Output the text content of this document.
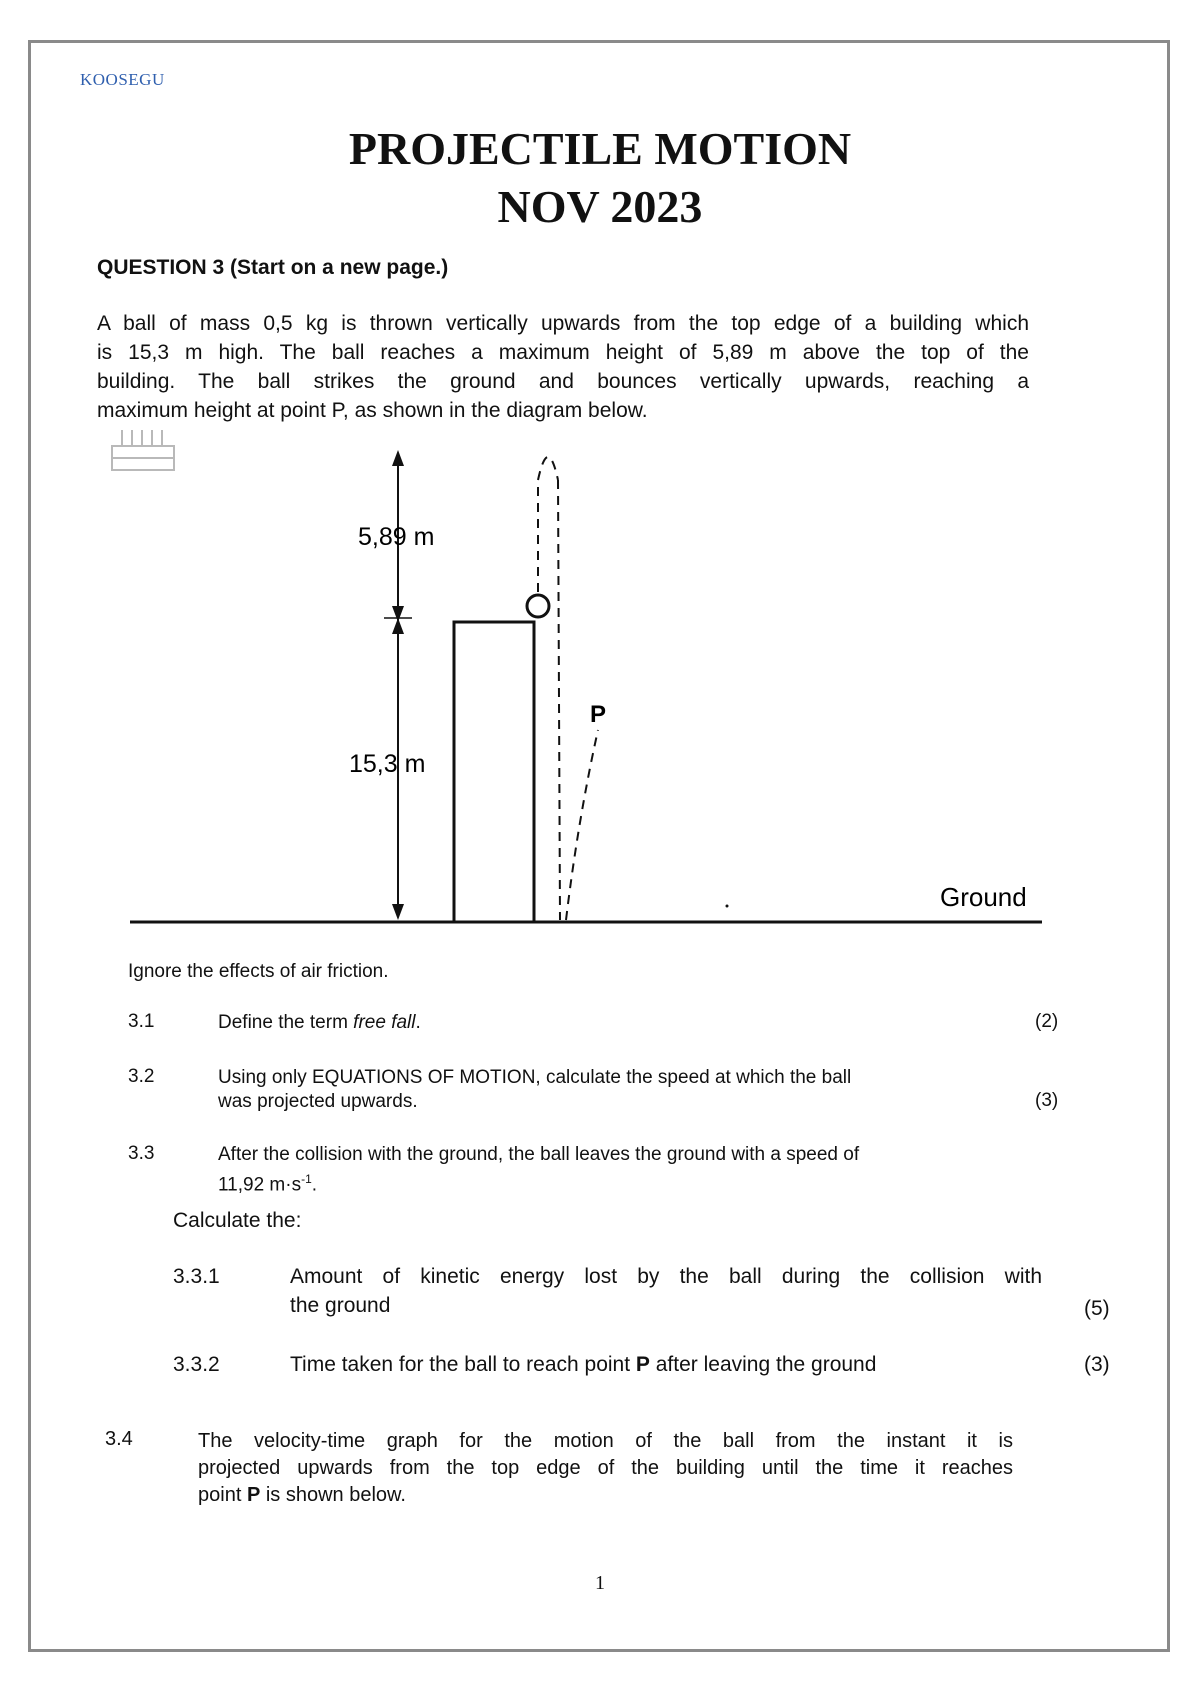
KOOSEGU
PROJECTILE MOTION
NOV 2023
QUESTION 3 (Start on a new page.)
A ball of mass 0,5 kg is thrown vertically upwards from the top edge of a building which
is 15,3 m high. The ball reaches a maximum height of 5,89 m above the top of the
building. The ball strikes the ground and bounces vertically upwards, reaching a
maximum height at point P, as shown in the diagram below.
5,89 m
15,3 m
P
Ground
Ignore the effects of air friction.
3.1	Define the term free fall.	(2)
3.2	Using only EQUATIONS OF MOTION, calculate the speed at which the ball
was projected upwards.	(3)
3.3	After the collision with the ground, the ball leaves the ground with a speed of
11,92 $m\cdot s^{-1}$.
Calculate the:
3.3.1	Amount of kinetic energy lost by the ball during the collision with
the ground	(5)
3.3.2	Time taken for the ball to reach point P after leaving the ground	(3)
3.4	The velocity-time graph for the motion of the ball from the instant it is
projected upwards from the top edge of the building until the time it reaches
point P is shown below.
1
